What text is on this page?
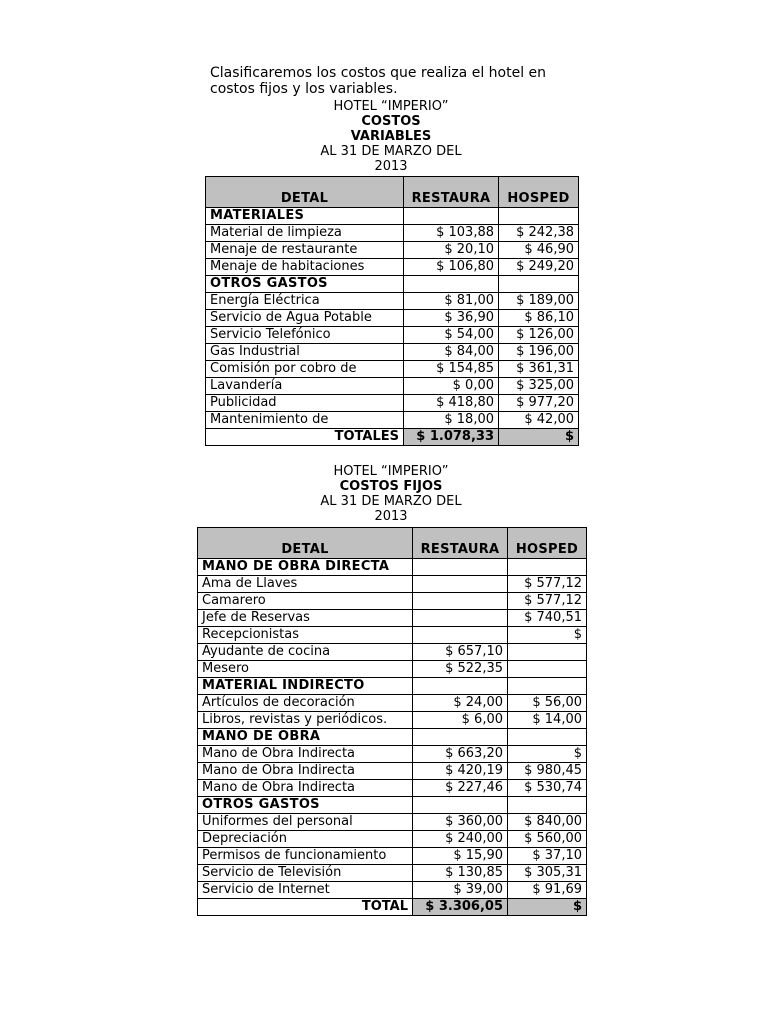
Clasificaremos los costos que realiza el hotel en costos fijos y los variables.

HOTEL “IMPERIO”
COSTOS
VARIABLES
AL 31 DE MARZO DEL
2013
DETAL	RESTAURA	HOSPED
MATERIALES		
Material de limpieza	$ 103,88	$ 242,38
Menaje de restaurante	$ 20,10	$ 46,90
Menaje de habitaciones	$ 106,80	$ 249,20
OTROS GASTOS		
Energía Eléctrica	$ 81,00	$ 189,00
Servicio de Agua Potable	$ 36,90	$ 86,10
Servicio Telefónico	$ 54,00	$ 126,00
Gas Industrial	$ 84,00	$ 196,00
Comisión por cobro de	$ 154,85	$ 361,31
Lavandería	$ 0,00	$ 325,00
Publicidad	$ 418,80	$ 977,20
Mantenimiento de	$ 18,00	$ 42,00
TOTALES	$ 1.078,33	$
HOTEL “IMPERIO”
COSTOS FIJOS
AL 31 DE MARZO DEL
2013
DETAL	RESTAURA	HOSPED
MANO DE OBRA DIRECTA		
Ama de Llaves		$ 577,12
Camarero		$ 577,12
Jefe de Reservas		$ 740,51
Recepcionistas		$
Ayudante de cocina	$ 657,10	
Mesero	$ 522,35	
MATERIAL INDIRECTO		
Artículos de decoración	$ 24,00	$ 56,00
Libros, revistas y periódicos.	$ 6,00	$ 14,00
MANO DE OBRA		
Mano de Obra Indirecta	$ 663,20	$
Mano de Obra Indirecta	$ 420,19	$ 980,45
Mano de Obra Indirecta	$ 227,46	$ 530,74
OTROS GASTOS		
Uniformes del personal	$ 360,00	$ 840,00
Depreciación	$ 240,00	$ 560,00
Permisos de funcionamiento	$ 15,90	$ 37,10
Servicio de Televisión	$ 130,85	$ 305,31
Servicio de Internet	$ 39,00	$ 91,69
TOTAL	$ 3.306,05	$
